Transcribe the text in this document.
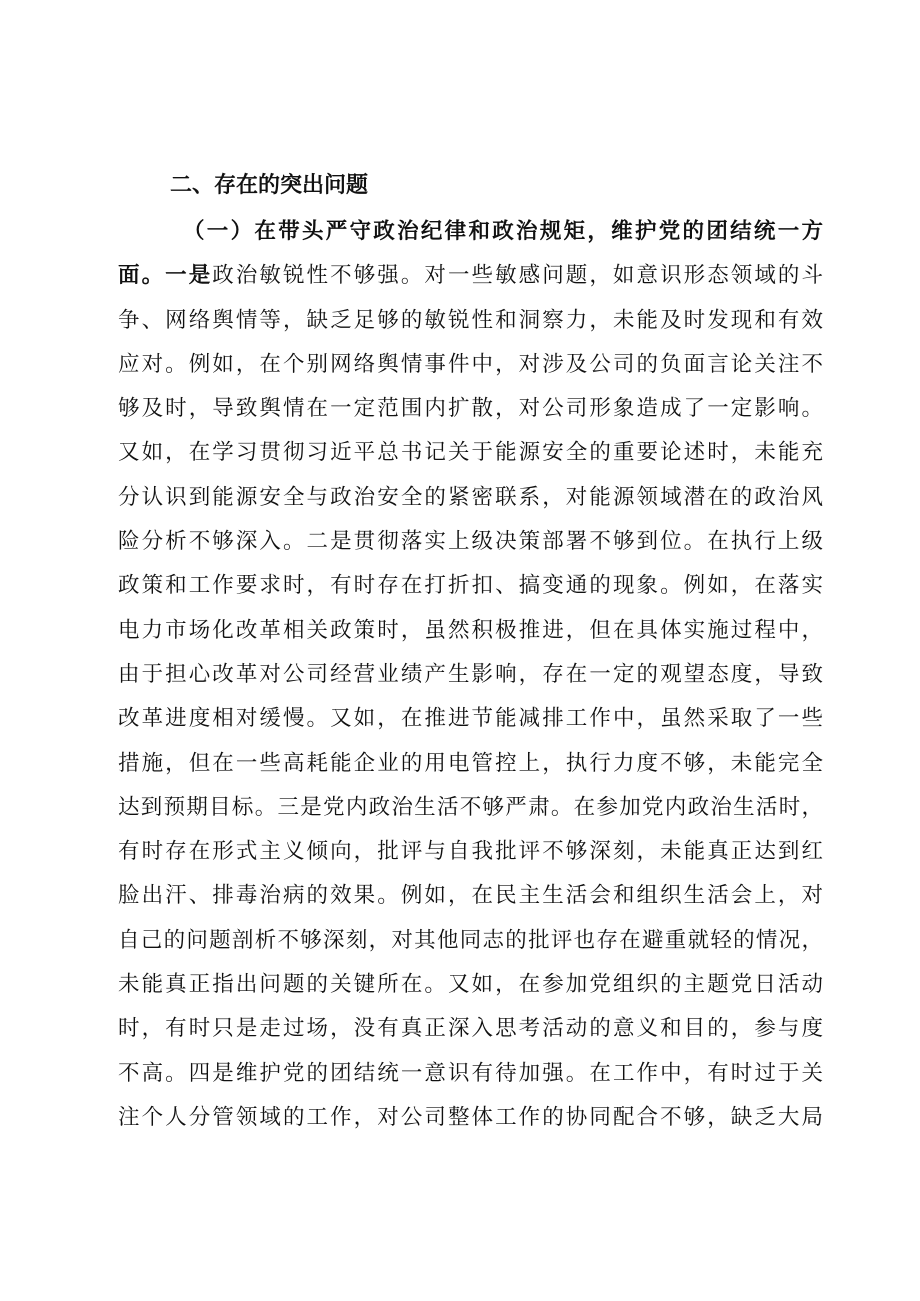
二、存在的突出问题
（一）在带头严守政治纪律和政治规矩，维护党的团结统一方
面。一是政治敏锐性不够强。对一些敏感问题，如意识形态领域的斗
争、网络舆情等，缺乏足够的敏锐性和洞察力，未能及时发现和有效
应对。例如，在个别网络舆情事件中，对涉及公司的负面言论关注不
够及时，导致舆情在一定范围内扩散，对公司形象造成了一定影响。
又如，在学习贯彻习近平总书记关于能源安全的重要论述时，未能充
分认识到能源安全与政治安全的紧密联系，对能源领域潜在的政治风
险分析不够深入。二是贯彻落实上级决策部署不够到位。在执行上级
政策和工作要求时，有时存在打折扣、搞变通的现象。例如，在落实
电力市场化改革相关政策时，虽然积极推进，但在具体实施过程中，
由于担心改革对公司经营业绩产生影响，存在一定的观望态度，导致
改革进度相对缓慢。又如，在推进节能减排工作中，虽然采取了一些
措施，但在一些高耗能企业的用电管控上，执行力度不够，未能完全
达到预期目标。三是党内政治生活不够严肃。在参加党内政治生活时，
有时存在形式主义倾向，批评与自我批评不够深刻，未能真正达到红
脸出汗、排毒治病的效果。例如，在民主生活会和组织生活会上，对
自己的问题剖析不够深刻，对其他同志的批评也存在避重就轻的情况，
未能真正指出问题的关键所在。又如，在参加党组织的主题党日活动
时，有时只是走过场，没有真正深入思考活动的意义和目的，参与度
不高。四是维护党的团结统一意识有待加强。在工作中，有时过于关
注个人分管领域的工作，对公司整体工作的协同配合不够，缺乏大局
